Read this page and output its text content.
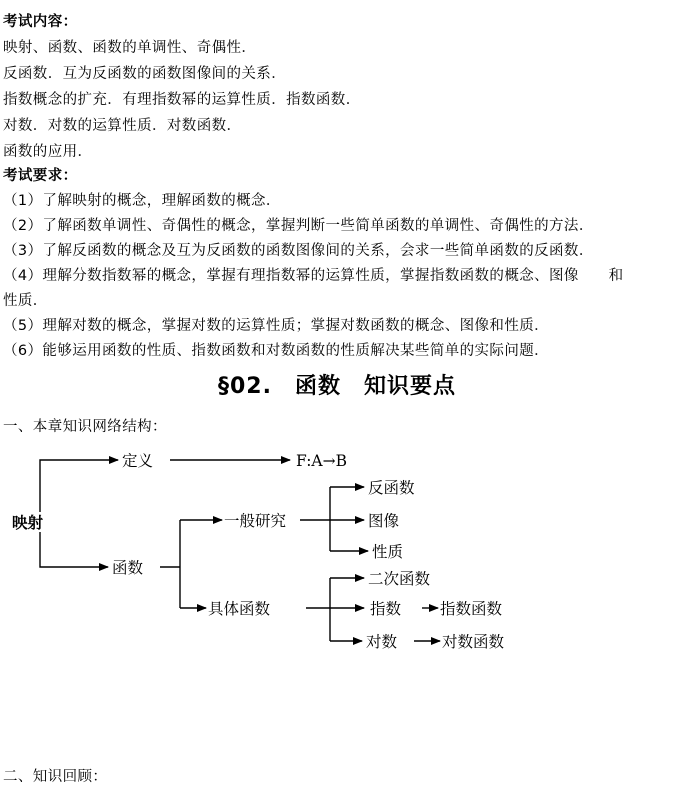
考试内容：

映射、函数、函数的单调性、奇偶性．

反函数．互为反函数的函数图像间的关系．

指数概念的扩充．有理指数幂的运算性质．指数函数．

对数．对数的运算性质．对数函数．

函数的应用．

考试要求：

（1）了解映射的概念，理解函数的概念．

（2）了解函数单调性、奇偶性的概念，掌握判断一些简单函数的单调性、奇偶性的方法．

（3）了解反函数的概念及互为反函数的函数图像间的关系，会求一些简单函数的反函数．

（4）理解分数指数幂的概念，掌握有理指数幂的运算性质，掌握指数函数的概念、图像　　和

性质．

（5）理解对数的概念，掌握对数的运算性质；掌握对数函数的概念、图像和性质．

（6）能够运用函数的性质、指数函数和对数函数的性质解决某些简单的实际问题．

§02.　函数　知识要点

一、本章知识网络结构：

映射
定义	F:A→B
函数
一般研究
反函数
图像
性质
具体函数
二次函数
指数	指数函数
对数	对数函数

二、知识回顾：
